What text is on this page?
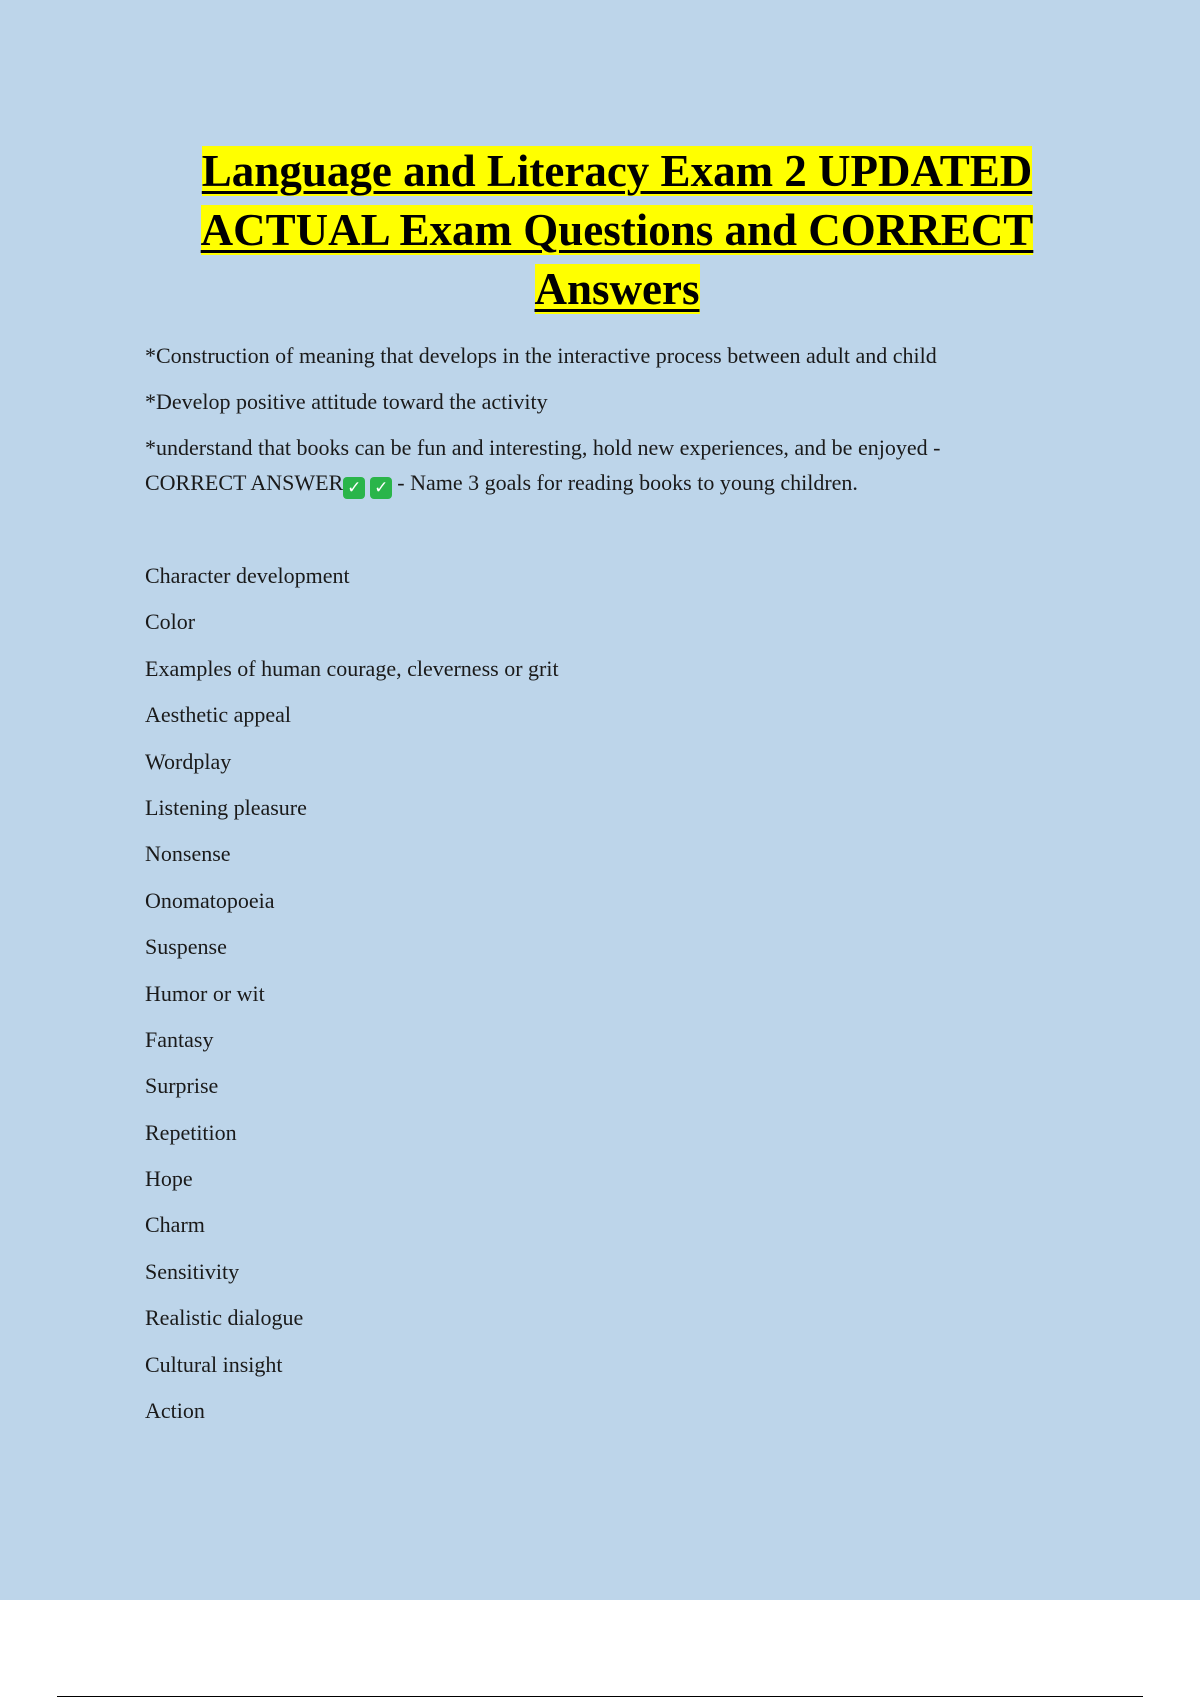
Language and Literacy Exam 2 UPDATED ACTUAL Exam Questions and CORRECT Answers

*Construction of meaning that develops in the interactive process between adult and child

*Develop positive attitude toward the activity

*understand that books can be fun and interesting, hold new experiences, and be enjoyed - CORRECT ANSWER ✓ ✓ - Name 3 goals for reading books to young children.

Character development
Color
Examples of human courage, cleverness or grit
Aesthetic appeal
Wordplay
Listening pleasure
Nonsense
Onomatopoeia
Suspense
Humor or wit
Fantasy
Surprise
Repetition
Hope
Charm
Sensitivity
Realistic dialogue
Cultural insight
Action
